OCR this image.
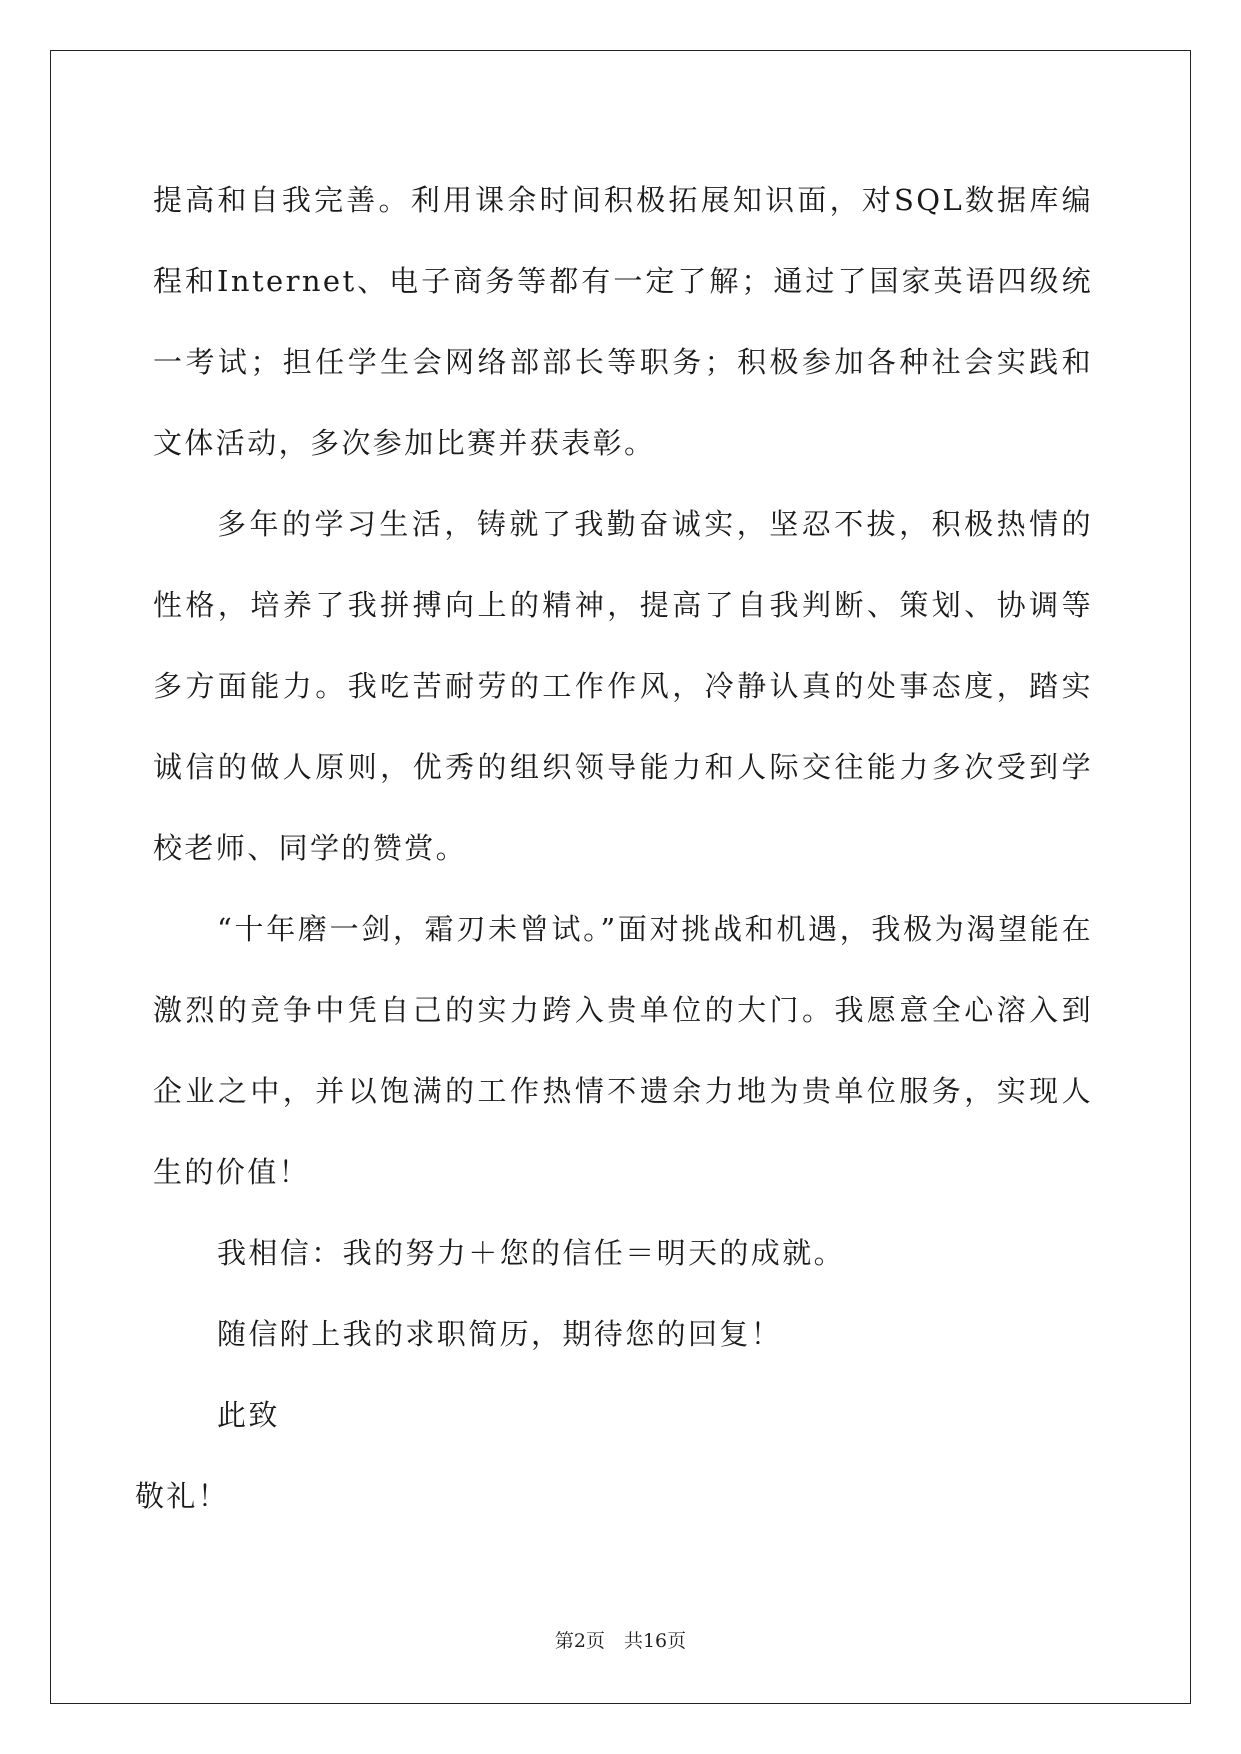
提高和自我完善。利用课余时间积极拓展知识面，对SQL数据库编程和Internet、电子商务等都有一定了解；通过了国家英语四级统一考试；担任学生会网络部部长等职务；积极参加各种社会实践和文体活动，多次参加比赛并获表彰。

多年的学习生活，铸就了我勤奋诚实，坚忍不拔，积极热情的性格，培养了我拼搏向上的精神，提高了自我判断、策划、协调等多方面能力。我吃苦耐劳的工作作风，冷静认真的处事态度，踏实诚信的做人原则，优秀的组织领导能力和人际交往能力多次受到学校老师、同学的赞赏。

“十年磨一剑，霜刃未曾试。”面对挑战和机遇，我极为渴望能在激烈的竞争中凭自己的实力跨入贵单位的大门。我愿意全心溶入到企业之中，并以饱满的工作热情不遗余力地为贵单位服务，实现人生的价值！

我相信：我的努力＋您的信任＝明天的成就。

随信附上我的求职简历，期待您的回复！

此致

敬礼！

第2页　共16页
